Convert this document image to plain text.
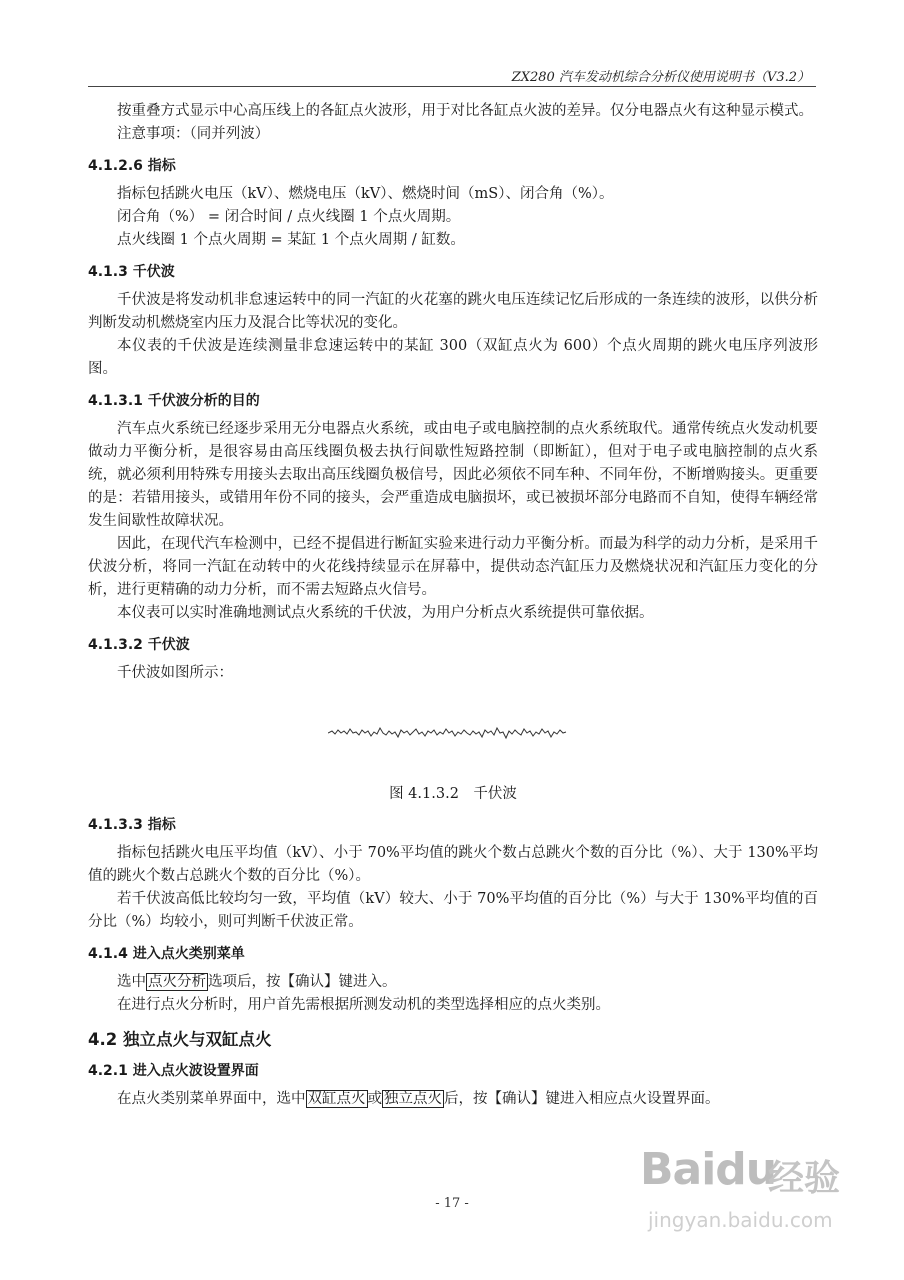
ZX280 汽车发动机综合分析仪使用说明书（V3.2）

按重叠方式显示中心高压线上的各缸点火波形，用于对比各缸点火波的差异。仅分电器点火有这种显示模式。

注意事项：（同并列波）

4.1.2.6 指标

指标包括跳火电压（kV）、燃烧电压（kV）、燃烧时间（mS）、闭合角（%）。

闭合角（%） = 闭合时间 / 点火线圈 1 个点火周期。

点火线圈 1 个点火周期 = 某缸 1 个点火周期 / 缸数。

4.1.3 千伏波

千伏波是将发动机非怠速运转中的同一汽缸的火花塞的跳火电压连续记忆后形成的一条连续的波形，以供分析判断发动机燃烧室内压力及混合比等状况的变化。

本仪表的千伏波是连续测量非怠速运转中的某缸 300（双缸点火为 600）个点火周期的跳火电压序列波形图。

4.1.3.1 千伏波分析的目的

汽车点火系统已经逐步采用无分电器点火系统，或由电子或电脑控制的点火系统取代。通常传统点火发动机要做动力平衡分析，是很容易由高压线圈负极去执行间歇性短路控制（即断缸），但对于电子或电脑控制的点火系统，就必须利用特殊专用接头去取出高压线圈负极信号，因此必须依不同车种、不同年份，不断增购接头。更重要的是：若错用接头，或错用年份不同的接头，会严重造成电脑损坏，或已被损坏部分电路而不自知，使得车辆经常发生间歇性故障状况。

因此，在现代汽车检测中，已经不提倡进行断缸实验来进行动力平衡分析。而最为科学的动力分析，是采用千伏波分析，将同一汽缸在动转中的火花线持续显示在屏幕中，提供动态汽缸压力及燃烧状况和汽缸压力变化的分析，进行更精确的动力分析，而不需去短路点火信号。

本仪表可以实时准确地测试点火系统的千伏波，为用户分析点火系统提供可靠依据。

4.1.3.2 千伏波

千伏波如图所示：

图 4.1.3.2　千伏波
4.1.3.3 指标

指标包括跳火电压平均值（kV）、小于 70%平均值的跳火个数占总跳火个数的百分比（%）、大于 130%平均值的跳火个数占总跳火个数的百分比（%）。

若千伏波高低比较均匀一致，平均值（kV）较大、小于 70%平均值的百分比（%）与大于 130%平均值的百分比（%）均较小，则可判断千伏波正常。

4.1.4 进入点火类别菜单

选中 点火分析 选项后，按【确认】键进入。

在进行点火分析时，用户首先需根据所测发动机的类型选择相应的点火类别。

4.2 独立点火与双缸点火
4.2.1 进入点火波设置界面

在点火类别菜单界面中，选中 双缸点火 或 独立点火 后，按【确认】键进入相应点火设置界面。

Baidu
经验
jingyan.baidu.com
- 17 -
